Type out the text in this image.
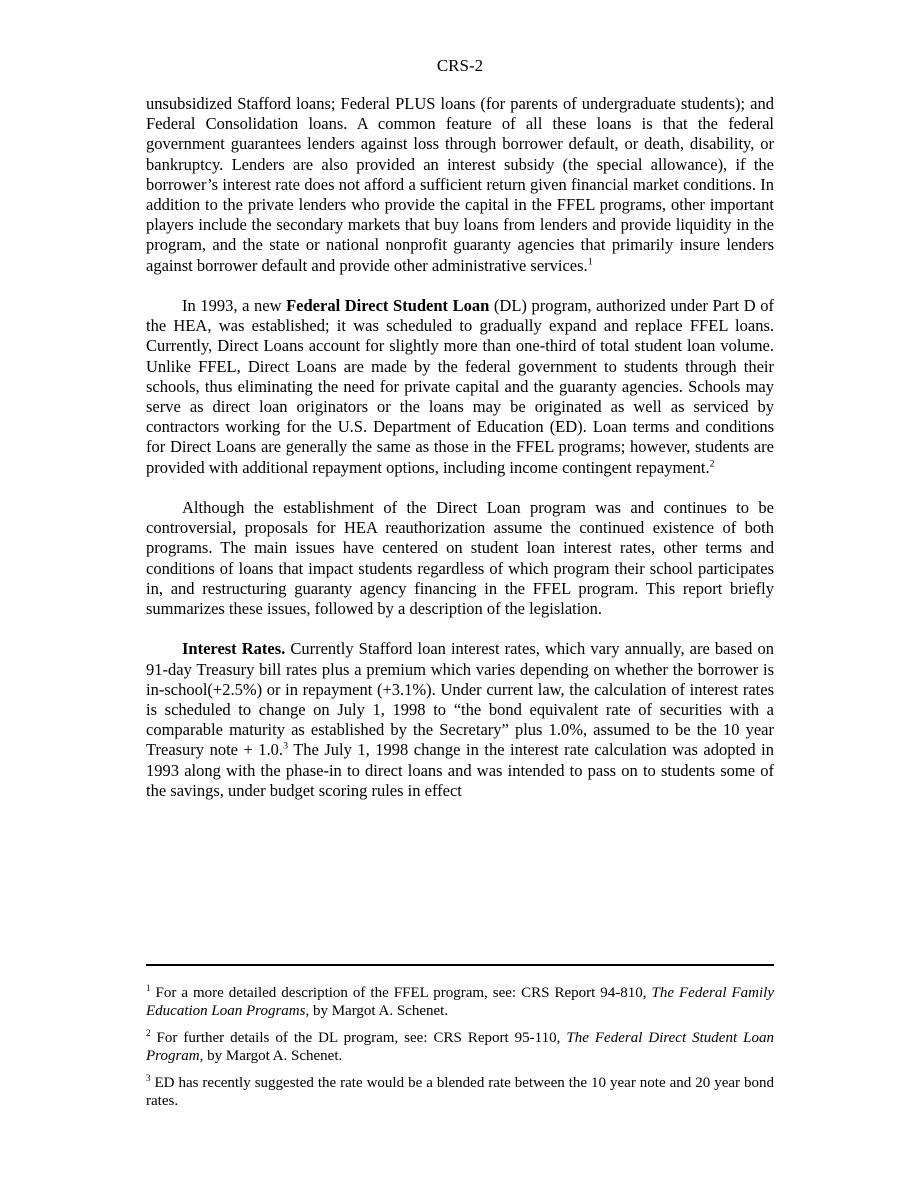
CRS-2

unsubsidized Stafford loans; Federal PLUS loans (for parents of undergraduate students); and Federal Consolidation loans. A common feature of all these loans is that the federal government guarantees lenders against loss through borrower default, or death, disability, or bankruptcy. Lenders are also provided an interest subsidy (the special allowance), if the borrower’s interest rate does not afford a sufficient return given financial market conditions. In addition to the private lenders who provide the capital in the FFEL programs, other important players include the secondary markets that buy loans from lenders and provide liquidity in the program, and the state or national nonprofit guaranty agencies that primarily insure lenders against borrower default and provide other administrative services.$^1$

In 1993, a new Federal Direct Student Loan (DL) program, authorized under Part D of the HEA, was established; it was scheduled to gradually expand and replace FFEL loans. Currently, Direct Loans account for slightly more than one-third of total student loan volume. Unlike FFEL, Direct Loans are made by the federal government to students through their schools, thus eliminating the need for private capital and the guaranty agencies. Schools may serve as direct loan originators or the loans may be originated as well as serviced by contractors working for the U.S. Department of Education (ED). Loan terms and conditions for Direct Loans are generally the same as those in the FFEL programs; however, students are provided with additional repayment options, including income contingent repayment.$^2$

Although the establishment of the Direct Loan program was and continues to be controversial, proposals for HEA reauthorization assume the continued existence of both programs. The main issues have centered on student loan interest rates, other terms and conditions of loans that impact students regardless of which program their school participates in, and restructuring guaranty agency financing in the FFEL program. This report briefly summarizes these issues, followed by a description of the legislation.

Interest Rates. Currently Stafford loan interest rates, which vary annually, are based on 91-day Treasury bill rates plus a premium which varies depending on whether the borrower is in-school(+2.5%) or in repayment (+3.1%). Under current law, the calculation of interest rates is scheduled to change on July 1, 1998 to “the bond equivalent rate of securities with a comparable maturity as established by the Secretary” plus 1.0%, assumed to be the 10 year Treasury note + 1.0.$^3$ The July 1, 1998 change in the interest rate calculation was adopted in 1993 along with the phase-in to direct loans and was intended to pass on to students some of the savings, under budget scoring rules in effect

$^1$ For a more detailed description of the FFEL program, see: CRS Report 94-810, The Federal Family Education Loan Programs, by Margot A. Schenet.

$^2$ For further details of the DL program, see: CRS Report 95-110, The Federal Direct Student Loan Program, by Margot A. Schenet.

$^3$ ED has recently suggested the rate would be a blended rate between the 10 year note and 20 year bond rates.
